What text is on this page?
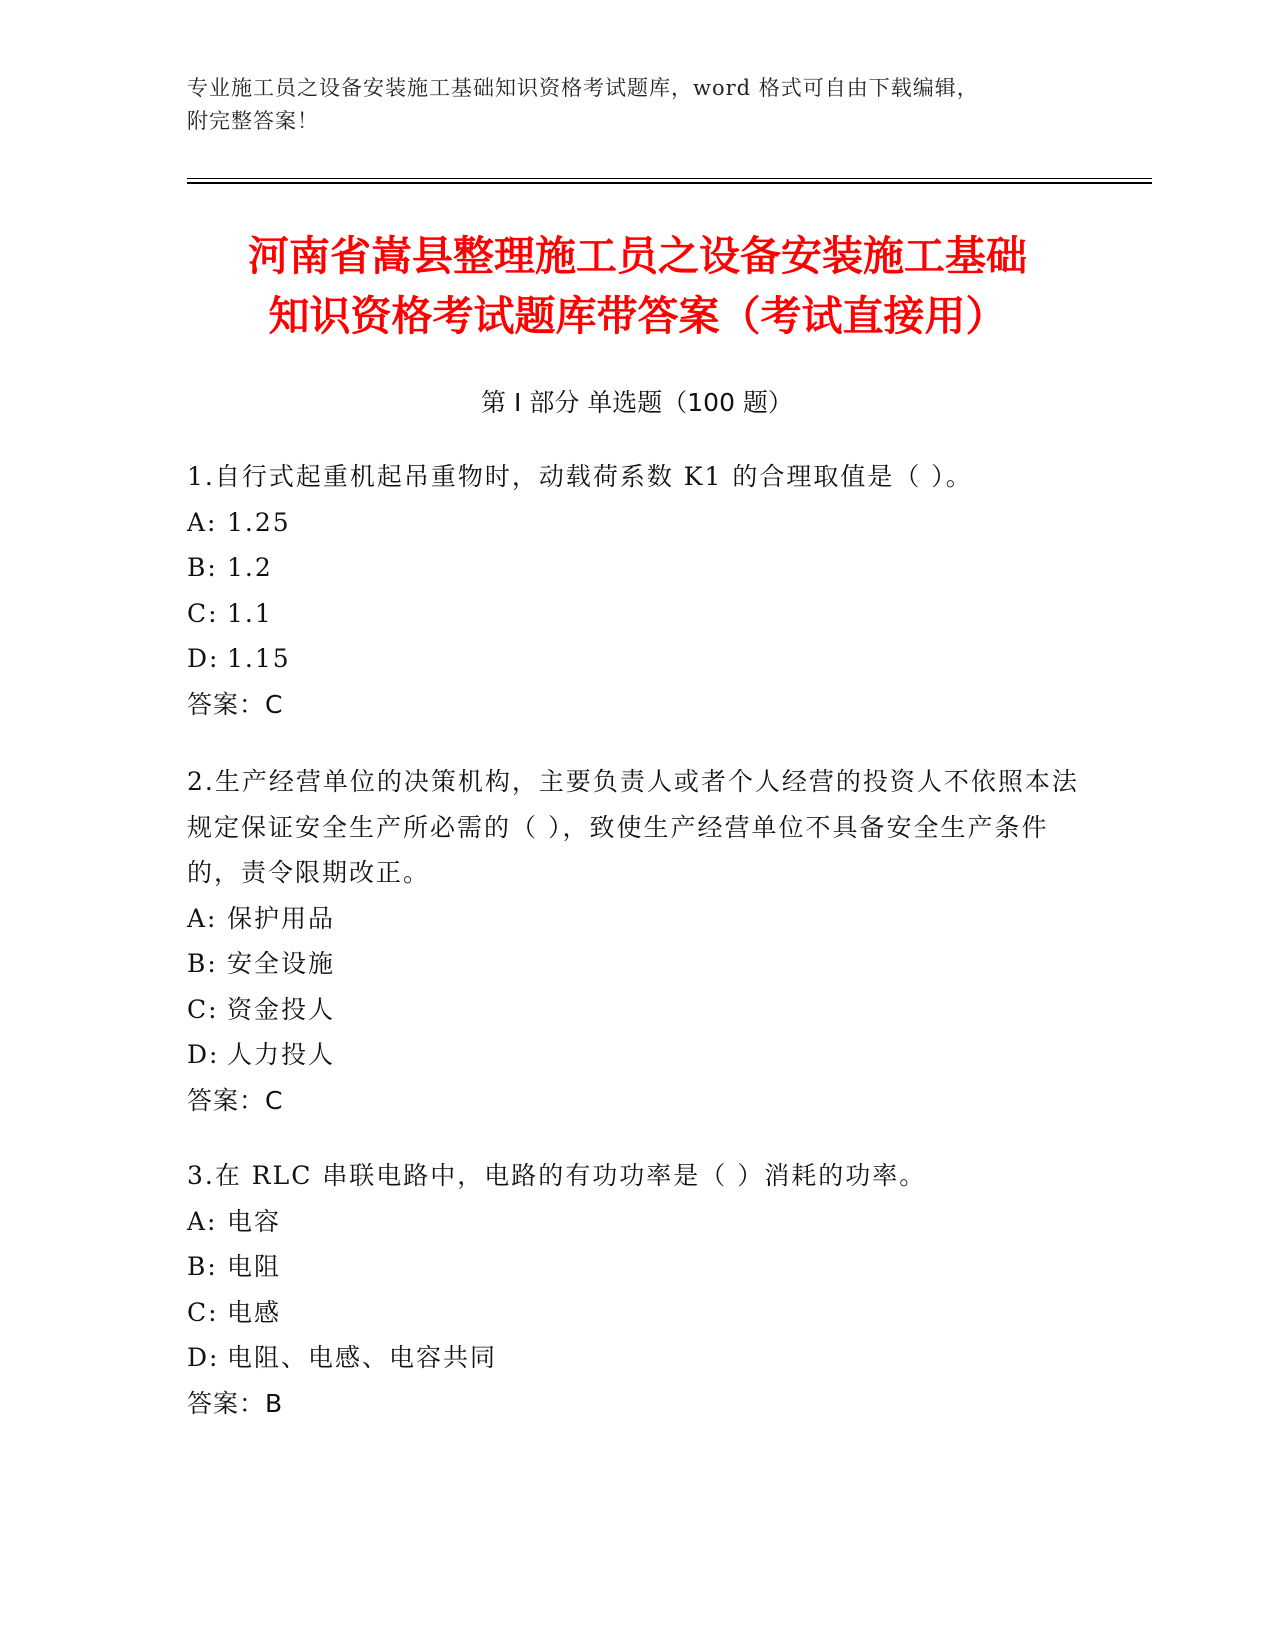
专业施工员之设备安装施工基础知识资格考试题库，word 格式可自由下载编辑，
附完整答案！
河南省嵩县整理施工员之设备安装施工基础
知识资格考试题库带答案（考试直接用）
第 I 部分 单选题（100 题）

1.自行式起重机起吊重物时，动载荷系数 K1 的合理取值是（ ）。

A: 1.25

B: 1.2

C: 1.1

D: 1.15

答案：C

2.生产经营单位的决策机构，主要负责人或者个人经营的投资人不依照本法规定保证安全生产所必需的（ ），致使生产经营单位不具备安全生产条件的，责令限期改正。

A: 保护用品

B: 安全设施

C: 资金投人

D: 人力投人

答案：C

3.在 RLC 串联电路中，电路的有功功率是（ ）消耗的功率。

A: 电容

B: 电阻

C: 电感

D: 电阻、电感、电容共同

答案：B
